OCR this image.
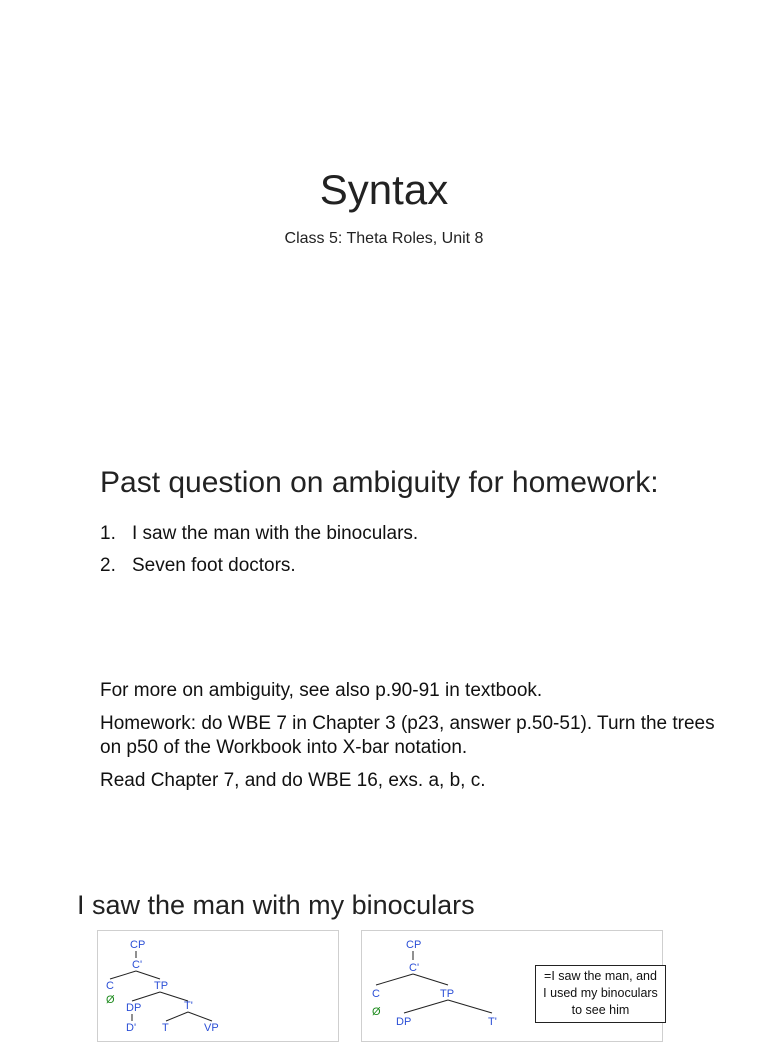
Syntax
Class 5: Theta Roles, Unit 8
Past question on ambiguity for homework:
1. I saw the man with the binoculars.
2. Seven foot doctors.
For more on ambiguity, see also p.90-91 in textbook.
Homework: do WBE 7 in Chapter 3 (p23, answer p.50-51). Turn the trees on p50 of the Workbook into X-bar notation.
Read Chapter 7, and do WBE 16, exs. a, b, c.
I saw the man with my binoculars
CP
C'
C
Ø
TP
DP	T'
D' T	VP
CP
C'
C
Ø
TP
DP	T'
=I saw the man, and
I used my binoculars
to see him
